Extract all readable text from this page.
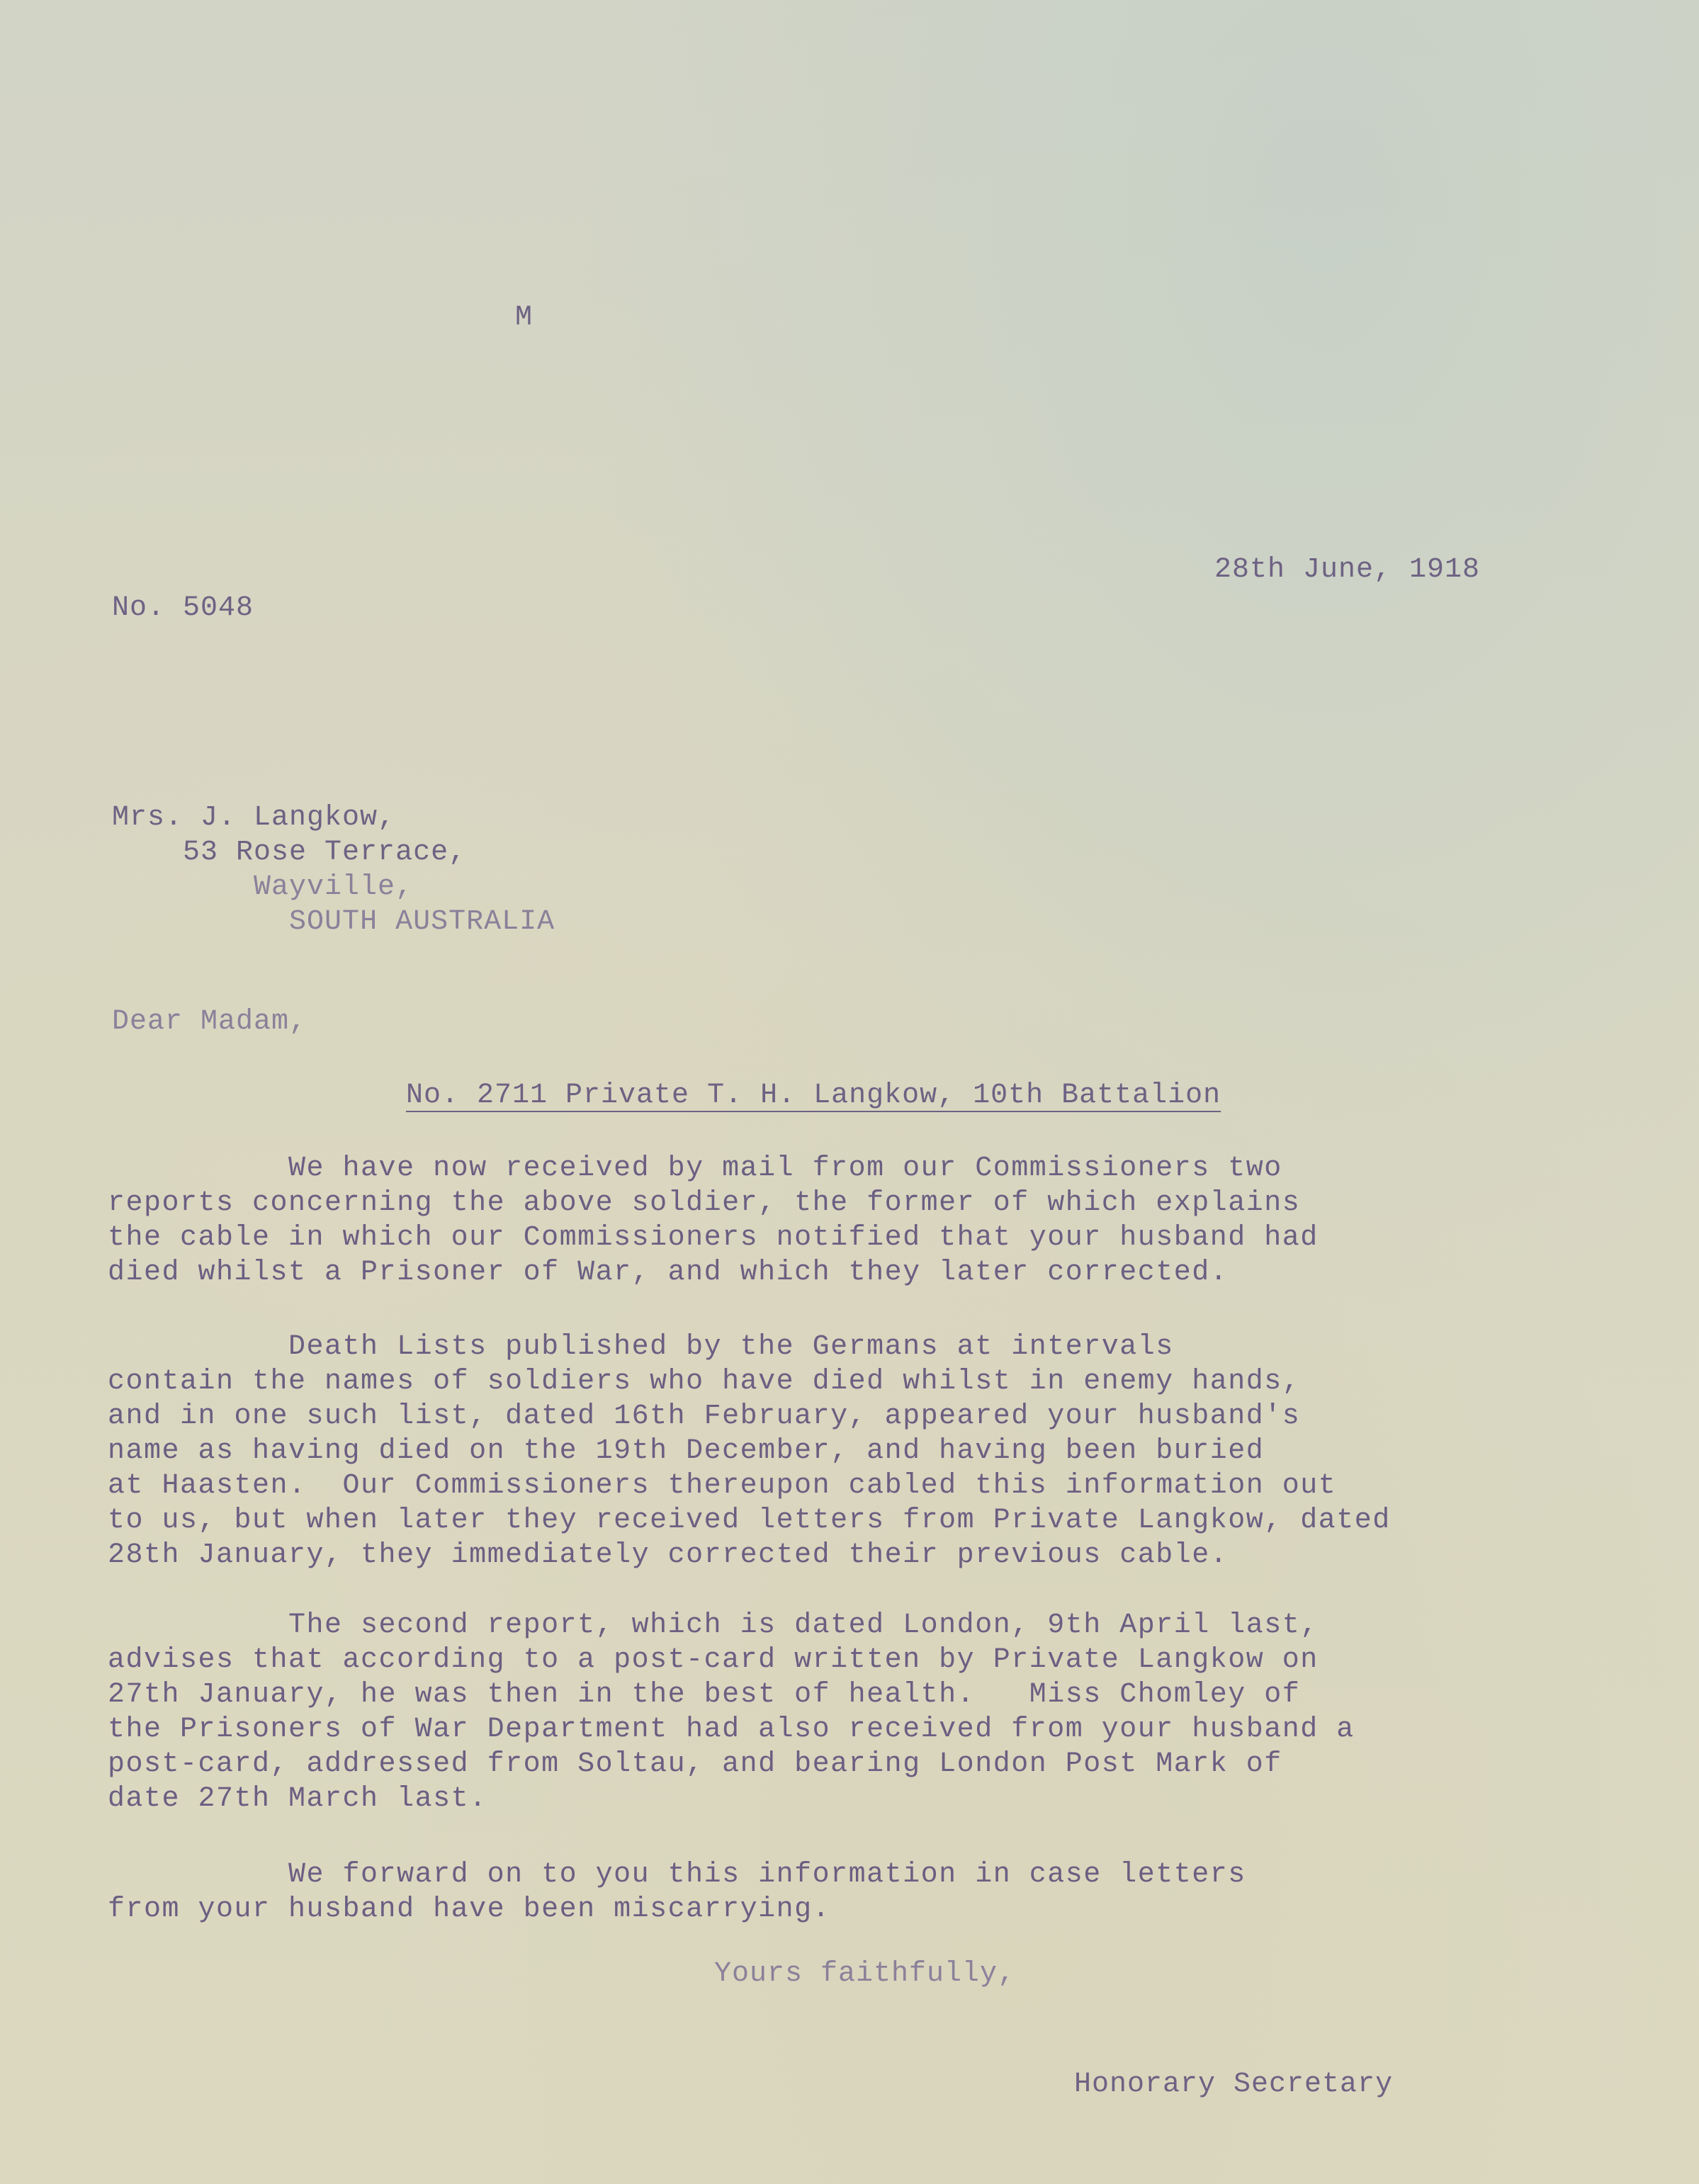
M
28th June, 1918
No. 5048
Mrs. J. Langkow,
53 Rose Terrace,
Wayville,
SOUTH AUSTRALIA
Dear Madam,
No. 2711 Private T. H. Langkow, 10th Battalion
We have now received by mail from our Commissioners two
reports concerning the above soldier, the former of which explains
the cable in which our Commissioners notified that your husband had
died whilst a Prisoner of War, and which they later corrected.
Death Lists published by the Germans at intervals
contain the names of soldiers who have died whilst in enemy hands,
and in one such list, dated 16th February, appeared your husband's
name as having died on the 19th December, and having been buried
at Haasten.  Our Commissioners thereupon cabled this information out
to us, but when later they received letters from Private Langkow, dated
28th January, they immediately corrected their previous cable.
The second report, which is dated London, 9th April last,
advises that according to a post-card written by Private Langkow on
27th January, he was then in the best of health.   Miss Chomley of
the Prisoners of War Department had also received from your husband a
post-card, addressed from Soltau, and bearing London Post Mark of
date 27th March last.
We forward on to you this information in case letters
from your husband have been miscarrying.
Yours faithfully,
Honorary Secretary
